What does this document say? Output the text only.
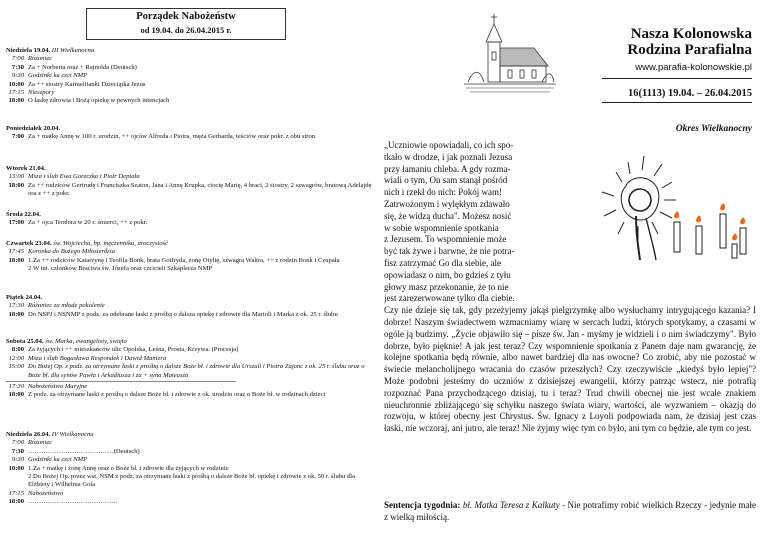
Porządek Nabożeństw
od 19.04. do 26.04.2015 r.
Niedziela 19.04. III Wielkanocna
7:00 Różaniec
7:30 Za + Norberta oraz + Rajnolda (Deutsch)
9:30 Godzinki ku czci NMP
10:00 Za ++ siostry Karmelitanki Dzieciątka Jezus
17:15 Nieszpory
18:00 O łaskę zdrowia i Bożą opiekę w pewnych intencjach
Poniedziałek 20.04.
7:00 Za + matkę Annę w 100 r. urodzin, ++ ojców Alfreda i Piotra, męża Gerharda, teściów oraz pokr. z obu stron
Wtorek 21.04.
13:00 Msza i ślub Ewa Goreczka i Piotr Deptała
18:00 Za ++ rodziców Gertrudę i Franciszka Szaton, Jana i Annę Krupka, ciocię Marię, 4 braci, 2 siostry, 2 szwagrów, bratową Adelajdę ora z ++ z pokr.
Środa 22.04.
17:00 Za + ojca Teodora w 20 r. śmierci, ++ z pokr.
Czwartek 23.04. św. Wojciecha, bp. męczennika, uroczystość
17:45 Koronka do Bożego Miłosierdzia
18:00 1.Za ++ rodziców Katarzynę i Teofila Bonk, brata Gotfryda, żonę Otylię, szwagra Waltra, ++ z rodzin Bonk i Czupała
2.W int. członków Bractwa św. Józefa oraz czcicieli Szkaplerza NMP
Piątek 24.04.
17:30 Różaniec za młode pokolenie
18:00 Do NSPJ i NSNMP z podz. za odebrane łaski z prośbą o dalsza opiekę i zdrowie dla Marioli i Marka z ok. 25 r. ślubu
Sobota 25.04. św. Marka, ewangelisty, święto
8:00 Za żyjących i ++ mieszkańców ulic Opolska, Leśna, Prosta, Krzywa. (Procesja)
12:00 Msza i ślub Bogusława Respondek i Dawid Maniera
15:00 Do Bożej Op. z podz. za otrzymane łaski z prośbą o dalsze Boże bł. i zdrowie dla Urszuli i Piotra Zajonc z ok. 25 r. ślubu oraz o Boże bł. dla synów Pawła i Arkadiusza i za + syna Mateusza
17:30 Nabożeństwo Maryjne
18:00 Z podz. za otrzymane łaski z prośbą o dalsze Boże bł. i zdrowie z ok. urodzin oraz o Boże bł. w rodzinach dzieci
Niedziela 26.04. IV Wielkanocna
7:00 Różaniec
7:30 …………………………………(Deutsch)
9:30 Godzinki ku czci NMP
10:00 1.Za + matkę i żonę Annę oraz o Boże bł. i zdrowie dla żyjących w rodzinie
2.Do Bożej Op. przez wst. NSM z podz. za otrzymane łaski z prośbą o dalsze Boże bł. opiekę i zdrowie z ok. 50 r. ślubu dla Elżbiety i Wilhelma Gola
17:15 Nabożeństwo
18:00 …………………………………..
Nasza Kolonowska
Rodzina Parafialna
www.parafia-kolonowskie.pl
16(1113) 19.04. – 26.04.2015
Okres Wielkanocny
„Uczniowie opowiadali, co ich spo-
tkało w drodze, i jak poznali Jezusa
przy łamaniu chleba. A gdy rozma-
wiali o tym, On sam stanął pośród
nich i rzekł do nich: Pokój wam!
Zatrwożonym i wylękłym zdawało
się, że widzą ducha". Możesz nosić
w sobie wspomnienie spotkania
z Jezusem. To wspomnienie może
być tak żywe i barwne, że nie potra-
fisz zatrzymać Go dla siebie, ale
opowiadasz o nim, bo gdzieś z tyłu
głowy masz przekonanie, że to nie
jest zarezerwowane tylko dla ciebie.
Czy nie dzieje się tak, gdy przeżyjemy jakąś pielgrzymkę albo wysłuchamy intrygującego kazania? I dobrze! Naszym świadectwem wzmacniamy wiarę w sercach ludzi, których spotykamy, a czasami w ogóle ją budzimy. „Życie objawiło się – pisze św. Jan - myśmy je widzieli i o nim świadczymy". Było dobrze, było pięknie! A jak jest teraz? Czy wspomnienie spotkania z Panem daje nam gwarancję, że kolejne spotkania będą równie, albo nawet bardziej dla nas owocne? Co zrobić, aby nie pozostać w świecie melancholijnego wracania do czasów przeszłych? Czy rzeczywiście „kiedyś było lepiej"? Może podobni jesteśmy do uczniów z dzisiejszej ewangelii, którzy patrząc wstecz, nie potrafią rozpoznać Pana przychodzącego dzisiaj, tu i teraz? Trud chwili obecnej nie jest wcale znakiem nieuchronnie zbliżającego się schyłku naszego świata wiary, wartości, ale wyzwaniem – okazją do rozwoju, w której obecny jest Chrystus. Św. Ignacy z Loyoli podpowiada nam, że dzisiaj jest czas łaski, nie wczoraj, ani jutro, ale teraz! Nie żyjmy więc tym co było, ani tym co będzie, ale tym co jest.
Sentencja tygodnia: bł. Matka Teresa z Kalkuty - Nie potrafimy robić wielkich Rzeczy - jedynie małe z wielką miłością.
